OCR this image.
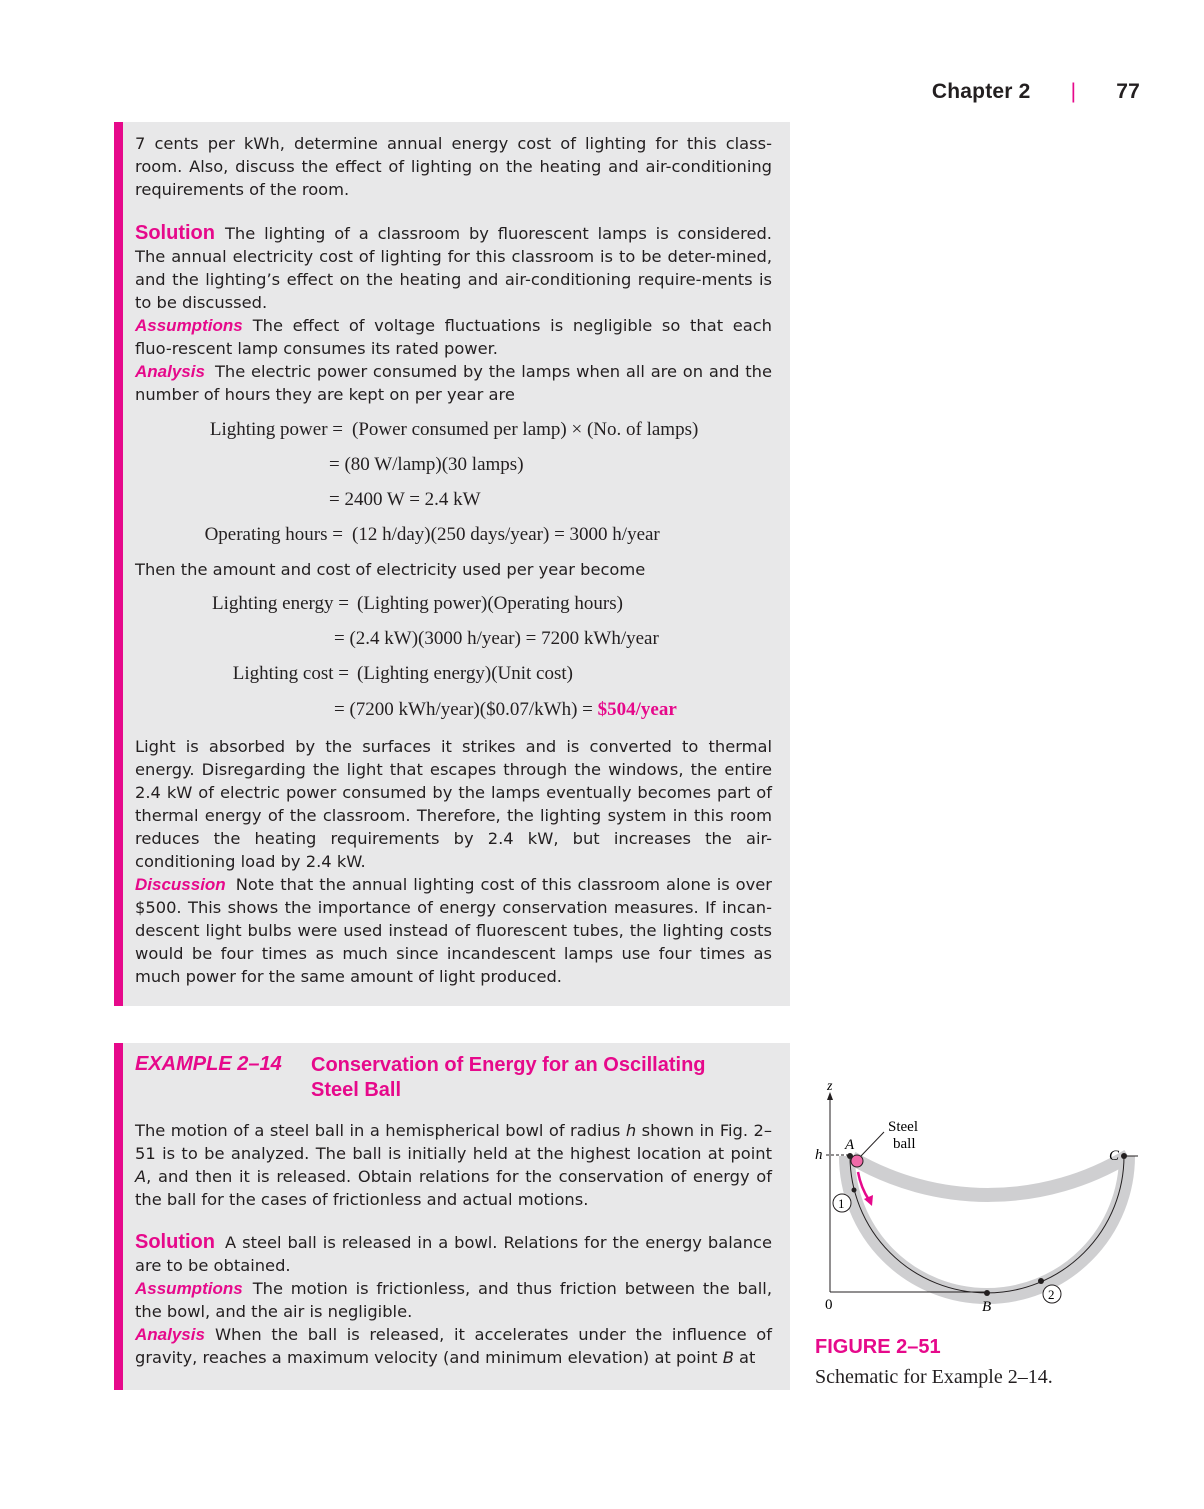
Chapter 2 | 77

7 cents per kWh, determine annual energy cost of lighting for this class-room. Also, discuss the effect of lighting on the heating and air-conditioning requirements of the room.

Solution The lighting of a classroom by fluorescent lamps is considered. The annual electricity cost of lighting for this classroom is to be deter-mined, and the lighting’s effect on the heating and air-conditioning require-ments is to be discussed.

Assumptions The effect of voltage fluctuations is negligible so that each fluo-rescent lamp consumes its rated power.

Analysis The electric power consumed by the lamps when all are on and the number of hours they are kept on per year are

Lighting power = (Power consumed per lamp) × (No. of lamps)
= (80 W/lamp)(30 lamps)
= 2400 W = 2.4 kW
Operating hours = (12 h/day)(250 days/year) = 3000 h/year

Then the amount and cost of electricity used per year become

Lighting energy = (Lighting power)(Operating hours)
= (2.4 kW)(3000 h/year) = 7200 kWh/year
Lighting cost = (Lighting energy)(Unit cost)
= (7200 kWh/year)($0.07/kWh) = $504/year

Light is absorbed by the surfaces it strikes and is converted to thermal energy. Disregarding the light that escapes through the windows, the entire 2.4 kW of electric power consumed by the lamps eventually becomes part of thermal energy of the classroom. Therefore, the lighting system in this room reduces the heating requirements by 2.4 kW, but increases the air-conditioning load by 2.4 kW.

Discussion Note that the annual lighting cost of this classroom alone is over $500. This shows the importance of energy conservation measures. If incan-descent light bulbs were used instead of fluorescent tubes, the lighting costs would be four times as much since incandescent lamps use four times as much power for the same amount of light produced.

EXAMPLE 2–14 Conservation of Energy for an Oscillating
Steel Ball

The motion of a steel ball in a hemispherical bowl of radius h shown in Fig. 2–51 is to be analyzed. The ball is initially held at the highest location at point A, and then it is released. Obtain relations for the conservation of energy of the ball for the cases of frictionless and actual motions.

Solution A steel ball is released in a bowl. Relations for the energy balance are to be obtained.

Assumptions The motion is frictionless, and thus friction between the ball, the bowl, and the air is negligible.

Analysis When the ball is released, it accelerates under the influence of gravity, reaches a maximum velocity (and minimum elevation) at point B at

z
h
0
A
B
C
Steel
ball
1
2
FIGURE 2–51
Schematic for Example 2–14.
